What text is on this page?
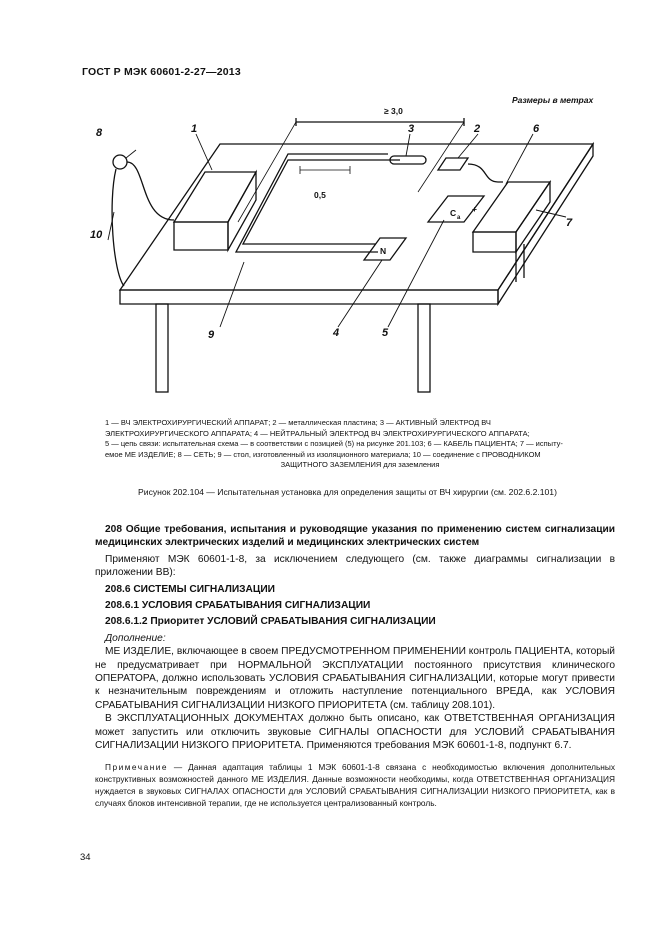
ГОСТ Р МЭК 60601-2-27—2013
Размеры в метрах
1	2
3
4	5
6
7
8
9
10
≥ 3,0
0,5
N
C a
+
1 — ВЧ ЭЛЕКТРОХИРУРГИЧЕСКИЙ АППАРАТ; 2 — металлическая пластина; 3 — АКТИВНЫЙ ЭЛЕКТРОД ВЧ
ЭЛЕКТРОХИРУРГИЧЕСКОГО АППАРАТА; 4 — НЕЙТРАЛЬНЫЙ ЭЛЕКТРОД ВЧ ЭЛЕКТРОХИРУРГИЧЕСКОГО АППАРАТА;
5 — цепь связи: испытательная схема — в соответствии с позицией (5) на рисунке 201.103; 6 — КАБЕЛЬ ПАЦИЕНТА; 7 — испыту-
емое МЕ ИЗДЕЛИЕ; 8 — СЕТЬ; 9 — стол, изготовленный из изоляционного материала; 10 — соединение с ПРОВОДНИКОМ
ЗАЩИТНОГО ЗАЗЕМЛЕНИЯ для заземления
Рисунок 202.104 — Испытательная установка для определения защиты от ВЧ хирургии (см. 202.6.2.101)

208 Общие требования, испытания и руководящие указания по применению систем сигнализации медицинских электрических изделий и медицинских электрических систем

Применяют МЭК 60601-1-8, за исключением следующего (см. также диаграммы сигнализации в приложении ВВ):

208.6 СИСТЕМЫ СИГНАЛИЗАЦИИ

208.6.1 УСЛОВИЯ СРАБАТЫВАНИЯ СИГНАЛИЗАЦИИ

208.6.1.2 Приоритет УСЛОВИЙ СРАБАТЫВАНИЯ СИГНАЛИЗАЦИИ

Дополнение:

МЕ ИЗДЕЛИЕ, включающее в своем ПРЕДУСМОТРЕННОМ ПРИМЕНЕНИИ контроль ПАЦИЕНТА, который не предусматривает при НОРМАЛЬНОЙ ЭКСПЛУАТАЦИИ постоянного присутствия клинического ОПЕРАТОРА, должно использовать УСЛОВИЯ СРАБАТЫВАНИЯ СИГНАЛИЗАЦИИ, которые могут привести к незначительным повреждениям и отложить наступление потенциального ВРЕДА, как УСЛОВИЯ СРАБАТЫВАНИЯ СИГНАЛИЗАЦИИ НИЗКОГО ПРИОРИТЕТА (см. таблицу 208.101).

В ЭКСПЛУАТАЦИОННЫХ ДОКУМЕНТАХ должно быть описано, как ОТВЕТСТВЕННАЯ ОРГАНИЗАЦИЯ может запустить или отключить звуковые СИГНАЛЫ ОПАСНОСТИ для УСЛОВИЙ СРАБАТЫВАНИЯ СИГНАЛИЗАЦИИ НИЗКОГО ПРИОРИТЕТА. Применяются требования МЭК 60601-1-8, подпункт 6.7.

Примечание — Данная адаптация таблицы 1 МЭК 60601-1-8 связана с необходимостью включения дополнительных конструктивных возможностей данного МЕ ИЗДЕЛИЯ. Данные возможности необходимы, когда ОТВЕТСТВЕННАЯ ОРГАНИЗАЦИЯ нуждается в звуковых СИГНАЛАХ ОПАСНОСТИ для УСЛОВИЙ СРАБАТЫВАНИЯ СИГНАЛИЗАЦИИ НИЗКОГО ПРИОРИТЕТА, как в случаях блоков интенсивной терапии, где не используется централизованный контроль.

34
